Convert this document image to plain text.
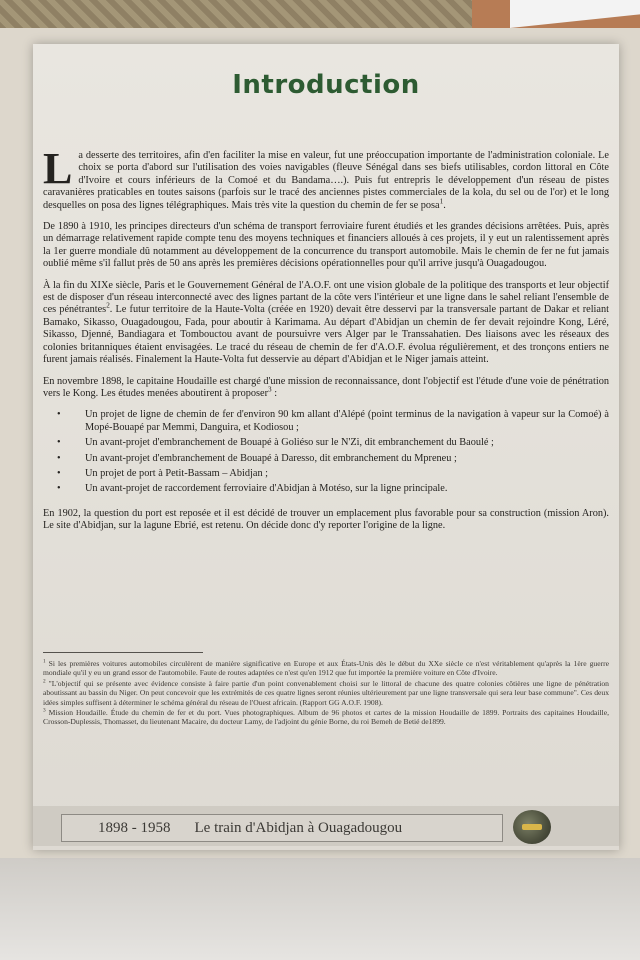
Introduction

La desserte des territoires, afin d'en faciliter la mise en valeur, fut une préoccupation importante de l'administration coloniale. Le choix se porta d'abord sur l'utilisation des voies navigables (fleuve Sénégal dans ses biefs utilisables, cordon littoral en Côte d'Ivoire et cours inférieurs de la Comoé et du Bandama….). Puis fut entrepris le développement d'un réseau de pistes caravanières praticables en toutes saisons (parfois sur le tracé des anciennes pistes commerciales de la kola, du sel ou de l'or) et le long desquelles on posa des lignes télégraphiques. Mais très vite la question du chemin de fer se posa$^1$.

De 1890 à 1910, les principes directeurs d'un schéma de transport ferroviaire furent étudiés et les grandes décisions arrêtées. Puis, après un démarrage relativement rapide compte tenu des moyens techniques et financiers alloués à ces projets, il y eut un ralentissement après la 1er guerre mondiale dû notamment au développement de la concurrence du transport automobile. Mais le chemin de fer ne fut jamais oublié même s'il fallut près de 50 ans après les premières décisions opérationnelles pour qu'il arrive jusqu'à Ouagadougou.

À la fin du XIXe siècle, Paris et le Gouvernement Général de l'A.O.F. ont une vision globale de la politique des transports et leur objectif est de disposer d'un réseau interconnecté avec des lignes partant de la côte vers l'intérieur et une ligne dans le sahel reliant l'ensemble de ces pénétrantes$^2$. Le futur territoire de la Haute-Volta (créée en 1920) devait être desservi par la transversale partant de Dakar et reliant Bamako, Sikasso, Ouagadougou, Fada, pour aboutir à Karimama. Au départ d'Abidjan un chemin de fer devait rejoindre Kong, Léré, Sikasso, Djenné, Bandiagara et Tombouctou avant de poursuivre vers Alger par le Transsahatien. Des liaisons avec les réseaux des colonies britanniques étaient envisagées. Le tracé du réseau de chemin de fer d'A.O.F. évolua régulièrement, et des tronçons entiers ne furent jamais réalisés. Finalement la Haute-Volta fut desservie au départ d'Abidjan et le Niger jamais atteint.

En novembre 1898, le capitaine Houdaille est chargé d'une mission de reconnaissance, dont l'objectif est l'étude d'une voie de pénétration vers le Kong. Les études menées aboutirent à proposer$^3$ :

• Un projet de ligne de chemin de fer d'environ 90 km allant d'Alépé (point terminus de la navigation à vapeur sur la Comoé) à Mopé-Bouapé par Memmi, Danguira, et Kodiosou ;
• Un avant-projet d'embranchement de Bouapé à Goliéso sur le N'Zi, dit embranchement du Baoulé ;
• Un avant-projet d'embranchement de Bouapé à Daresso, dit embranchement du Mpreneu ;
• Un projet de port à Petit-Bassam – Abidjan ;
• Un avant-projet de raccordement ferroviaire d'Abidjan à Motéso, sur la ligne principale.

En 1902, la question du port est reposée et il est décidé de trouver un emplacement plus favorable pour sa construction (mission Aron). Le site d'Abidjan, sur la lagune Ebrié, est retenu. On décide donc d'y reporter l'origine de la ligne.

$^1$ Si les premières voitures automobiles circulèrent de manière significative en Europe et aux États-Unis dès le début du XXe siècle ce n'est véritablement qu'après la 1ère guerre mondiale qu'il y eu un grand essor de l'automobile. Faute de routes adaptées ce n'est qu'en 1912 que fut importée la première voiture en Côte d'Ivoire.

$^2$ "L'objectif qui se présente avec évidence consiste à faire partie d'un point convenablement choisi sur le littoral de chacune des quatre colonies côtières une ligne de pénétration aboutissant au bassin du Niger. On peut concevoir que les extrémités de ces quatre lignes seront réunies ultérieurement par une ligne transversale qui sera leur base commune". Ces deux idées simples suffisent à déterminer le schéma général du réseau de l'Ouest africain. (Rapport GG A.O.F. 1908).

$^3$ Mission Houdaille. Étude du chemin de fer et du port. Vues photographiques. Album de 96 photos et cartes de la mission Houdaille de 1899. Portraits des capitaines Houdaille, Crosson-Duplessis, Thomasset, du lieutenant Macaire, du docteur Lamy, de l'adjoint du génie Borne, du roi Bemeh de Betié de1899.

1898 - 1958 Le train d'Abidjan à Ouagadougou
